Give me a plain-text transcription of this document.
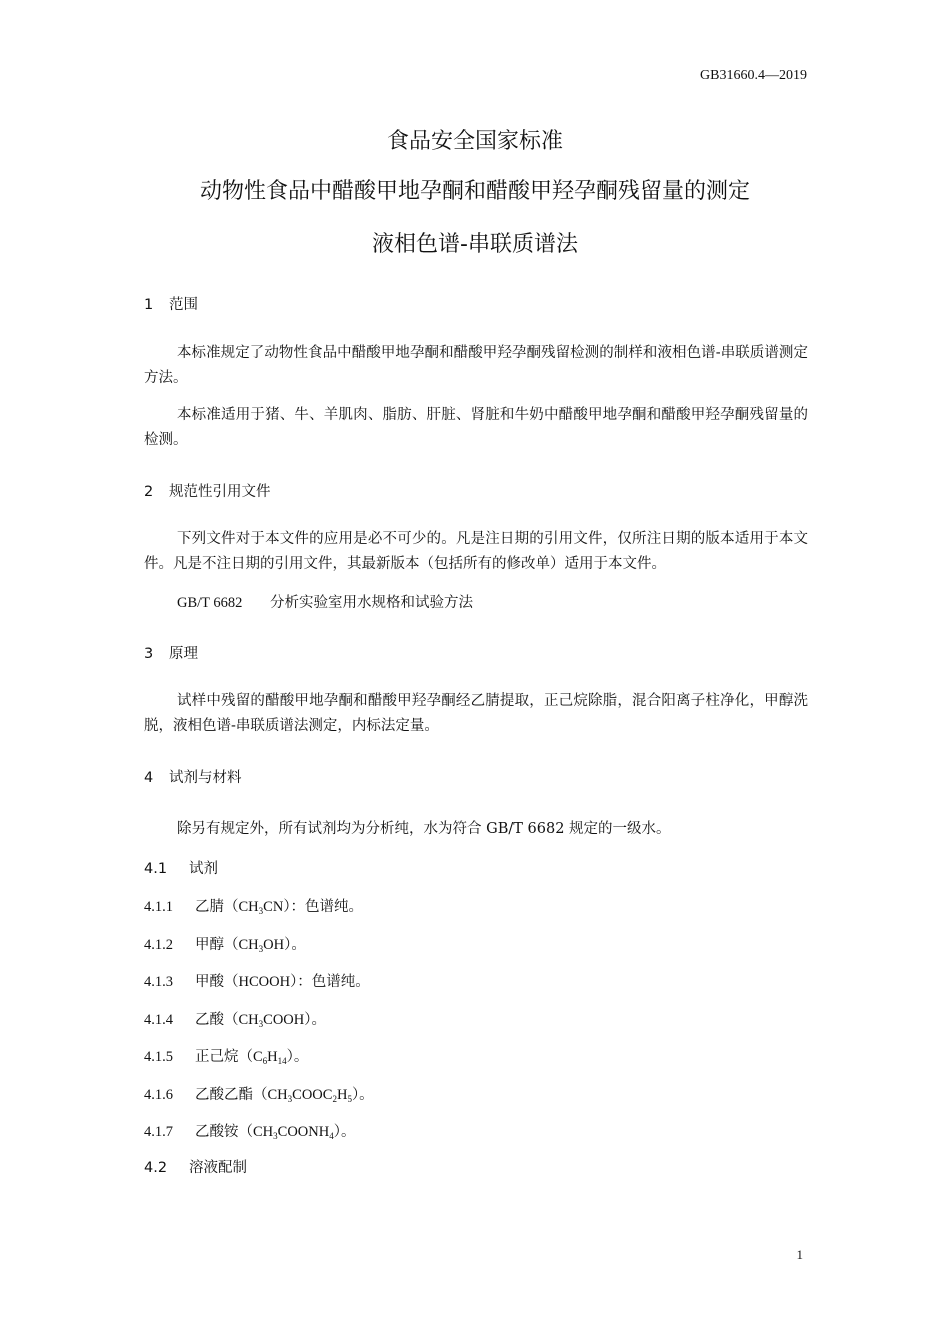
GB31660.4—2019
食品安全国家标准
动物性食品中醋酸甲地孕酮和醋酸甲羟孕酮残留量的测定
液相色谱-串联质谱法
1 范围
本标准规定了动物性食品中醋酸甲地孕酮和醋酸甲羟孕酮残留检测的制样和液相色谱-串联质谱测定方法。
本标准适用于猪、牛、羊肌肉、脂肪、肝脏、肾脏和牛奶中醋酸甲地孕酮和醋酸甲羟孕酮残留量的检测。
2 规范性引用文件
下列文件对于本文件的应用是必不可少的。凡是注日期的引用文件，仅所注日期的版本适用于本文件。凡是不注日期的引用文件，其最新版本（包括所有的修改单）适用于本文件。
GB/T 6682 分析实验室用水规格和试验方法
3 原理
试样中残留的醋酸甲地孕酮和醋酸甲羟孕酮经乙腈提取，正己烷除脂，混合阳离子柱净化，甲醇洗脱，液相色谱-串联质谱法测定，内标法定量。
4 试剂与材料
除另有规定外，所有试剂均为分析纯，水为符合 GB/T 6682 规定的一级水。
4.1 试剂
4.1.1 乙腈$(CH_3CN)$：色谱纯。
4.1.2 甲醇$(CH_3OH)$。
4.1.3 甲酸（HCOOH）：色谱纯。
4.1.4 乙酸$(CH_3COOH)$。
4.1.5 正己烷$(C_6H_{14})$。
4.1.6 乙酸乙酯$(CH_3COOC_2H_5)$。
4.1.7 乙酸铵$(CH_3COONH_4)$。
4.2 溶液配制
1
